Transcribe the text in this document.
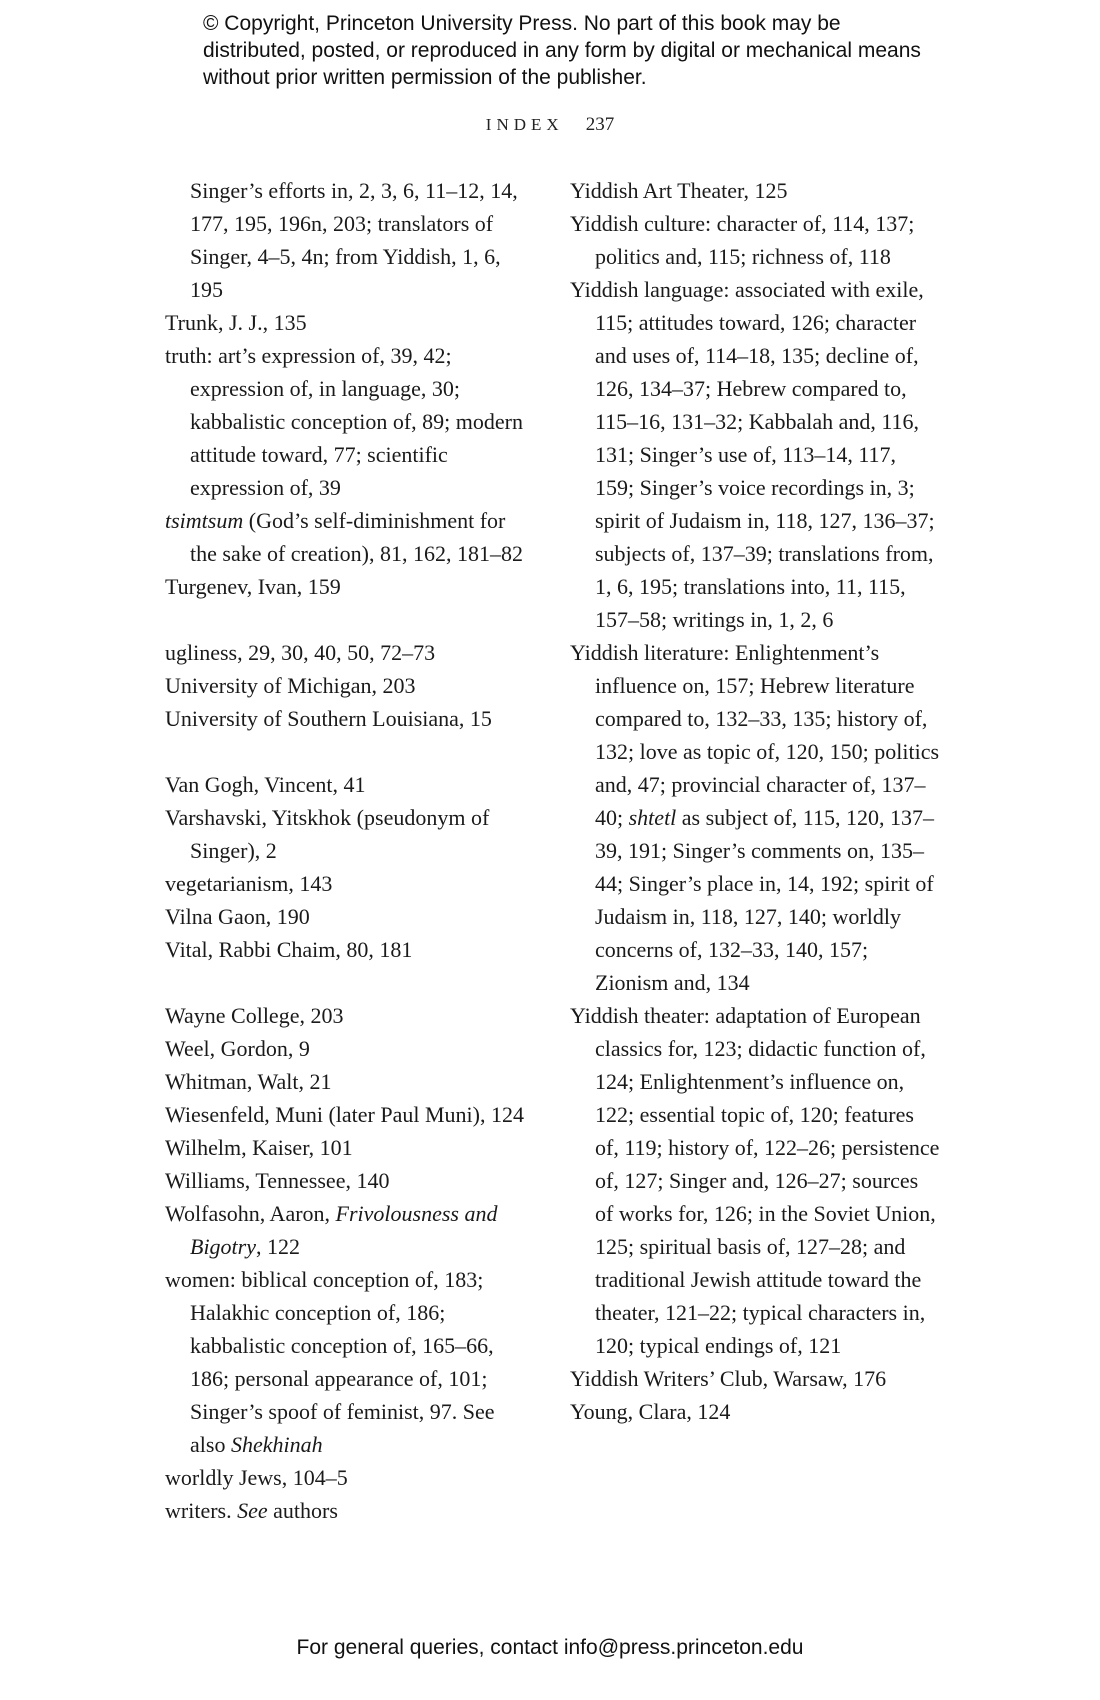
© Copyright, Princeton University Press. No part of this book may be distributed, posted, or reproduced in any form by digital or mechanical means without prior written permission of the publisher.

INDEX 237

Singer’s efforts in, 2, 3, 6, 11–12, 14, 177, 195, 196n, 203; translators of Singer, 4–5, 4n; from Yiddish, 1, 6, 195

Trunk, J. J., 135

truth: art’s expression of, 39, 42; expression of, in language, 30; kabbalistic conception of, 89; modern attitude toward, 77; scientific expression of, 39

tsimtsum (God’s self-diminishment for the sake of creation), 81, 162, 181–82

Turgenev, Ivan, 159

ugliness, 29, 30, 40, 50, 72–73

University of Michigan, 203

University of Southern Louisiana, 15

Van Gogh, Vincent, 41

Varshavski, Yitskhok (pseudonym of Singer), 2

vegetarianism, 143

Vilna Gaon, 190

Vital, Rabbi Chaim, 80, 181

Wayne College, 203

Weel, Gordon, 9

Whitman, Walt, 21

Wiesenfeld, Muni (later Paul Muni), 124

Wilhelm, Kaiser, 101

Williams, Tennessee, 140

Wolfasohn, Aaron, Frivolousness and Bigotry, 122

women: biblical conception of, 183; Halakhic conception of, 186; kabbalistic conception of, 165–66, 186; personal appearance of, 101; Singer’s spoof of feminist, 97. See also Shekhinah

worldly Jews, 104–5

writers. See authors

Yiddish Art Theater, 125

Yiddish culture: character of, 114, 137; politics and, 115; richness of, 118

Yiddish language: associated with exile, 115; attitudes toward, 126; character and uses of, 114–18, 135; decline of, 126, 134–37; Hebrew compared to, 115–16, 131–32; Kabbalah and, 116, 131; Singer’s use of, 113–14, 117, 159; Singer’s voice recordings in, 3; spirit of Judaism in, 118, 127, 136–37; subjects of, 137–39; translations from, 1, 6, 195; translations into, 11, 115, 157–58; writings in, 1, 2, 6

Yiddish literature: Enlightenment’s influence on, 157; Hebrew literature compared to, 132–33, 135; history of, 132; love as topic of, 120, 150; politics and, 47; provincial character of, 137–40; shtetl as subject of, 115, 120, 137–39, 191; Singer’s comments on, 135–44; Singer’s place in, 14, 192; spirit of Judaism in, 118, 127, 140; worldly concerns of, 132–33, 140, 157; Zionism and, 134

Yiddish theater: adaptation of European classics for, 123; didactic function of, 124; Enlightenment’s influence on, 122; essential topic of, 120; features of, 119; history of, 122–26; persistence of, 127; Singer and, 126–27; sources of works for, 126; in the Soviet Union, 125; spiritual basis of, 127–28; and traditional Jewish attitude toward the theater, 121–22; typical characters in, 120; typical endings of, 121

Yiddish Writers’ Club, Warsaw, 176

Young, Clara, 124

For general queries, contact info@press.princeton.edu
